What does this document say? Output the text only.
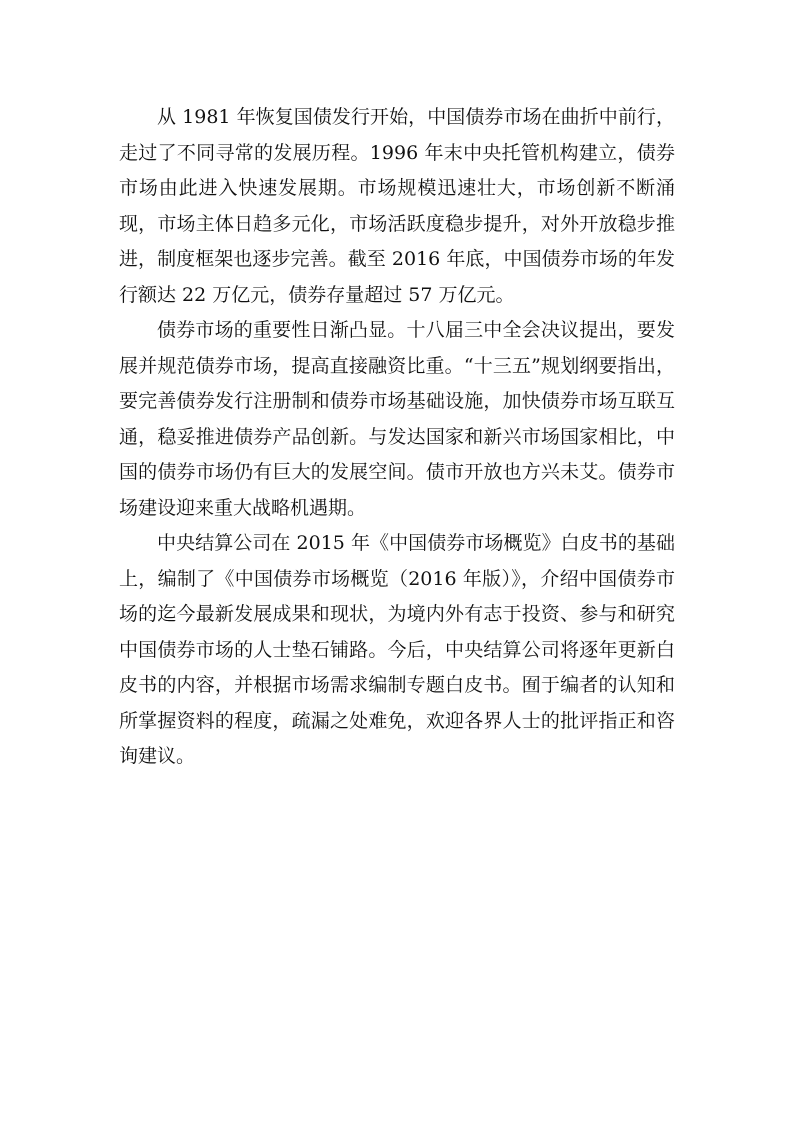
从 1981 年恢复国债发行开始，中国债券市场在曲折中前行，走过了不同寻常的发展历程。1996 年末中央托管机构建立，债券市场由此进入快速发展期。市场规模迅速壮大，市场创新不断涌现，市场主体日趋多元化，市场活跃度稳步提升，对外开放稳步推进，制度框架也逐步完善。截至 2016 年底，中国债券市场的年发行额达 22 万亿元，债券存量超过 57 万亿元。

债券市场的重要性日渐凸显。十八届三中全会决议提出，要发展并规范债券市场，提高直接融资比重。“十三五”规划纲要指出，要完善债券发行注册制和债券市场基础设施，加快债券市场互联互通，稳妥推进债券产品创新。与发达国家和新兴市场国家相比，中国的债券市场仍有巨大的发展空间。债市开放也方兴未艾。债券市场建设迎来重大战略机遇期。

中央结算公司在 2015 年《中国债券市场概览》白皮书的基础上，编制了《中国债券市场概览（2016 年版）》，介绍中国债券市场的迄今最新发展成果和现状，为境内外有志于投资、参与和研究中国债券市场的人士垫石铺路。今后，中央结算公司将逐年更新白皮书的内容，并根据市场需求编制专题白皮书。囿于编者的认知和所掌握资料的程度，疏漏之处难免，欢迎各界人士的批评指正和咨询建议。
